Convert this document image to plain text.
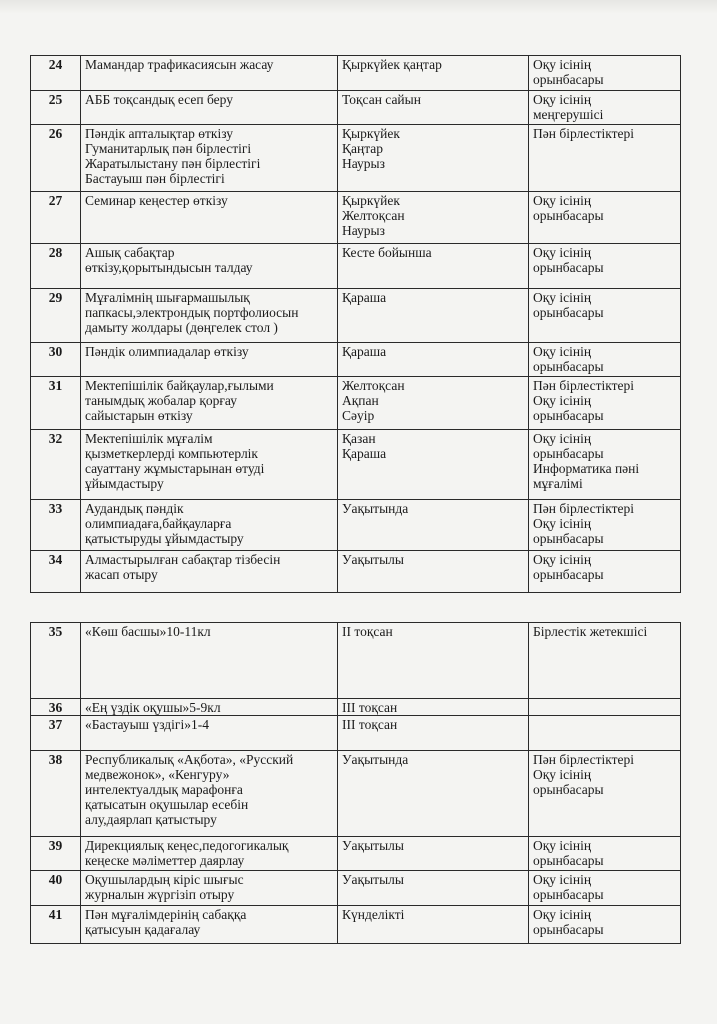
24	Мамандар трафикасиясын жасау	Қыркүйек қаңтар	Оқу ісінің
орынбасары
25	АББ тоқсандық есеп беру	Тоқсан сайын	Оқу ісінің
меңгерушісі
26	Пәндік апталықтар өткізу
Гуманитарлық пән бірлестігі
Жаратылыстану пән бірлестігі
Бастауыш пән бірлестігі	Қыркүйек
Қаңтар
Наурыз	Пән бірлестіктері
27	Семинар кеңестер өткізу	Қыркүйек
Желтоқсан
Наурыз	Оқу ісінің
орынбасары
28	Ашық сабақтар
өткізу,қорытындысын талдау	Кесте бойынша	Оқу ісінің
орынбасары
29	Мұғалімнің шығармашылық
папкасы,электрондық портфолиосын
дамыту жолдары (дөңгелек стол )	Қараша	Оқу ісінің
орынбасары
30	Пәндік олимпиадалар өткізу	Қараша	Оқу ісінің
орынбасары
31	Мектепішілік байқаулар,ғылыми
танымдық жобалар қорғау
сайыстарын өткізу	Желтоқсан
Ақпан
Сәуір	Пән бірлестіктері
Оқу ісінің
орынбасары
32	Мектепішілік мұғалім
қызметкерлерді компьютерлік
сауаттану жұмыстарынан өтуді
ұйымдастыру	Қазан
Қараша	Оқу ісінің
орынбасары
Информатика пәні
мұғалімі
33	Аудандық пәндік
олимпиадаға,байқауларға
қатыстыруды ұйымдастыру	Уақытында	Пән бірлестіктері
Оқу ісінің
орынбасары
34	Алмастырылған сабақтар тізбесін
жасап отыру	Уақытылы	Оқу ісінің
орынбасары
35	«Көш басшы»10-11кл	ІІ тоқсан	Бірлестік жетекшісі
36	«Ең үздік оқушы»5-9кл	ІІІ тоқсан	
37	«Бастауыш үздігі»1-4	ІІІ тоқсан	
38	Республикалық «Ақбота», «Русский
медвежонок», «Кенгуру»
интелектуалдық марафонға
қатысатын оқушылар есебін
алу,даярлап қатыстыру	Уақытында	Пән бірлестіктері
Оқу ісінің
орынбасары
39	Дирекциялық кеңес,педогогикалық
кеңеске мәліметтер даярлау	Уақытылы	Оқу ісінің
орынбасары
40	Оқушылардың кіріс шығыс
журналын жүргізіп отыру	Уақытылы	Оқу ісінің
орынбасары
41	Пән мұғалімдерінің сабаққа
қатысуын қадағалау	Күнделікті	Оқу ісінің
орынбасары
